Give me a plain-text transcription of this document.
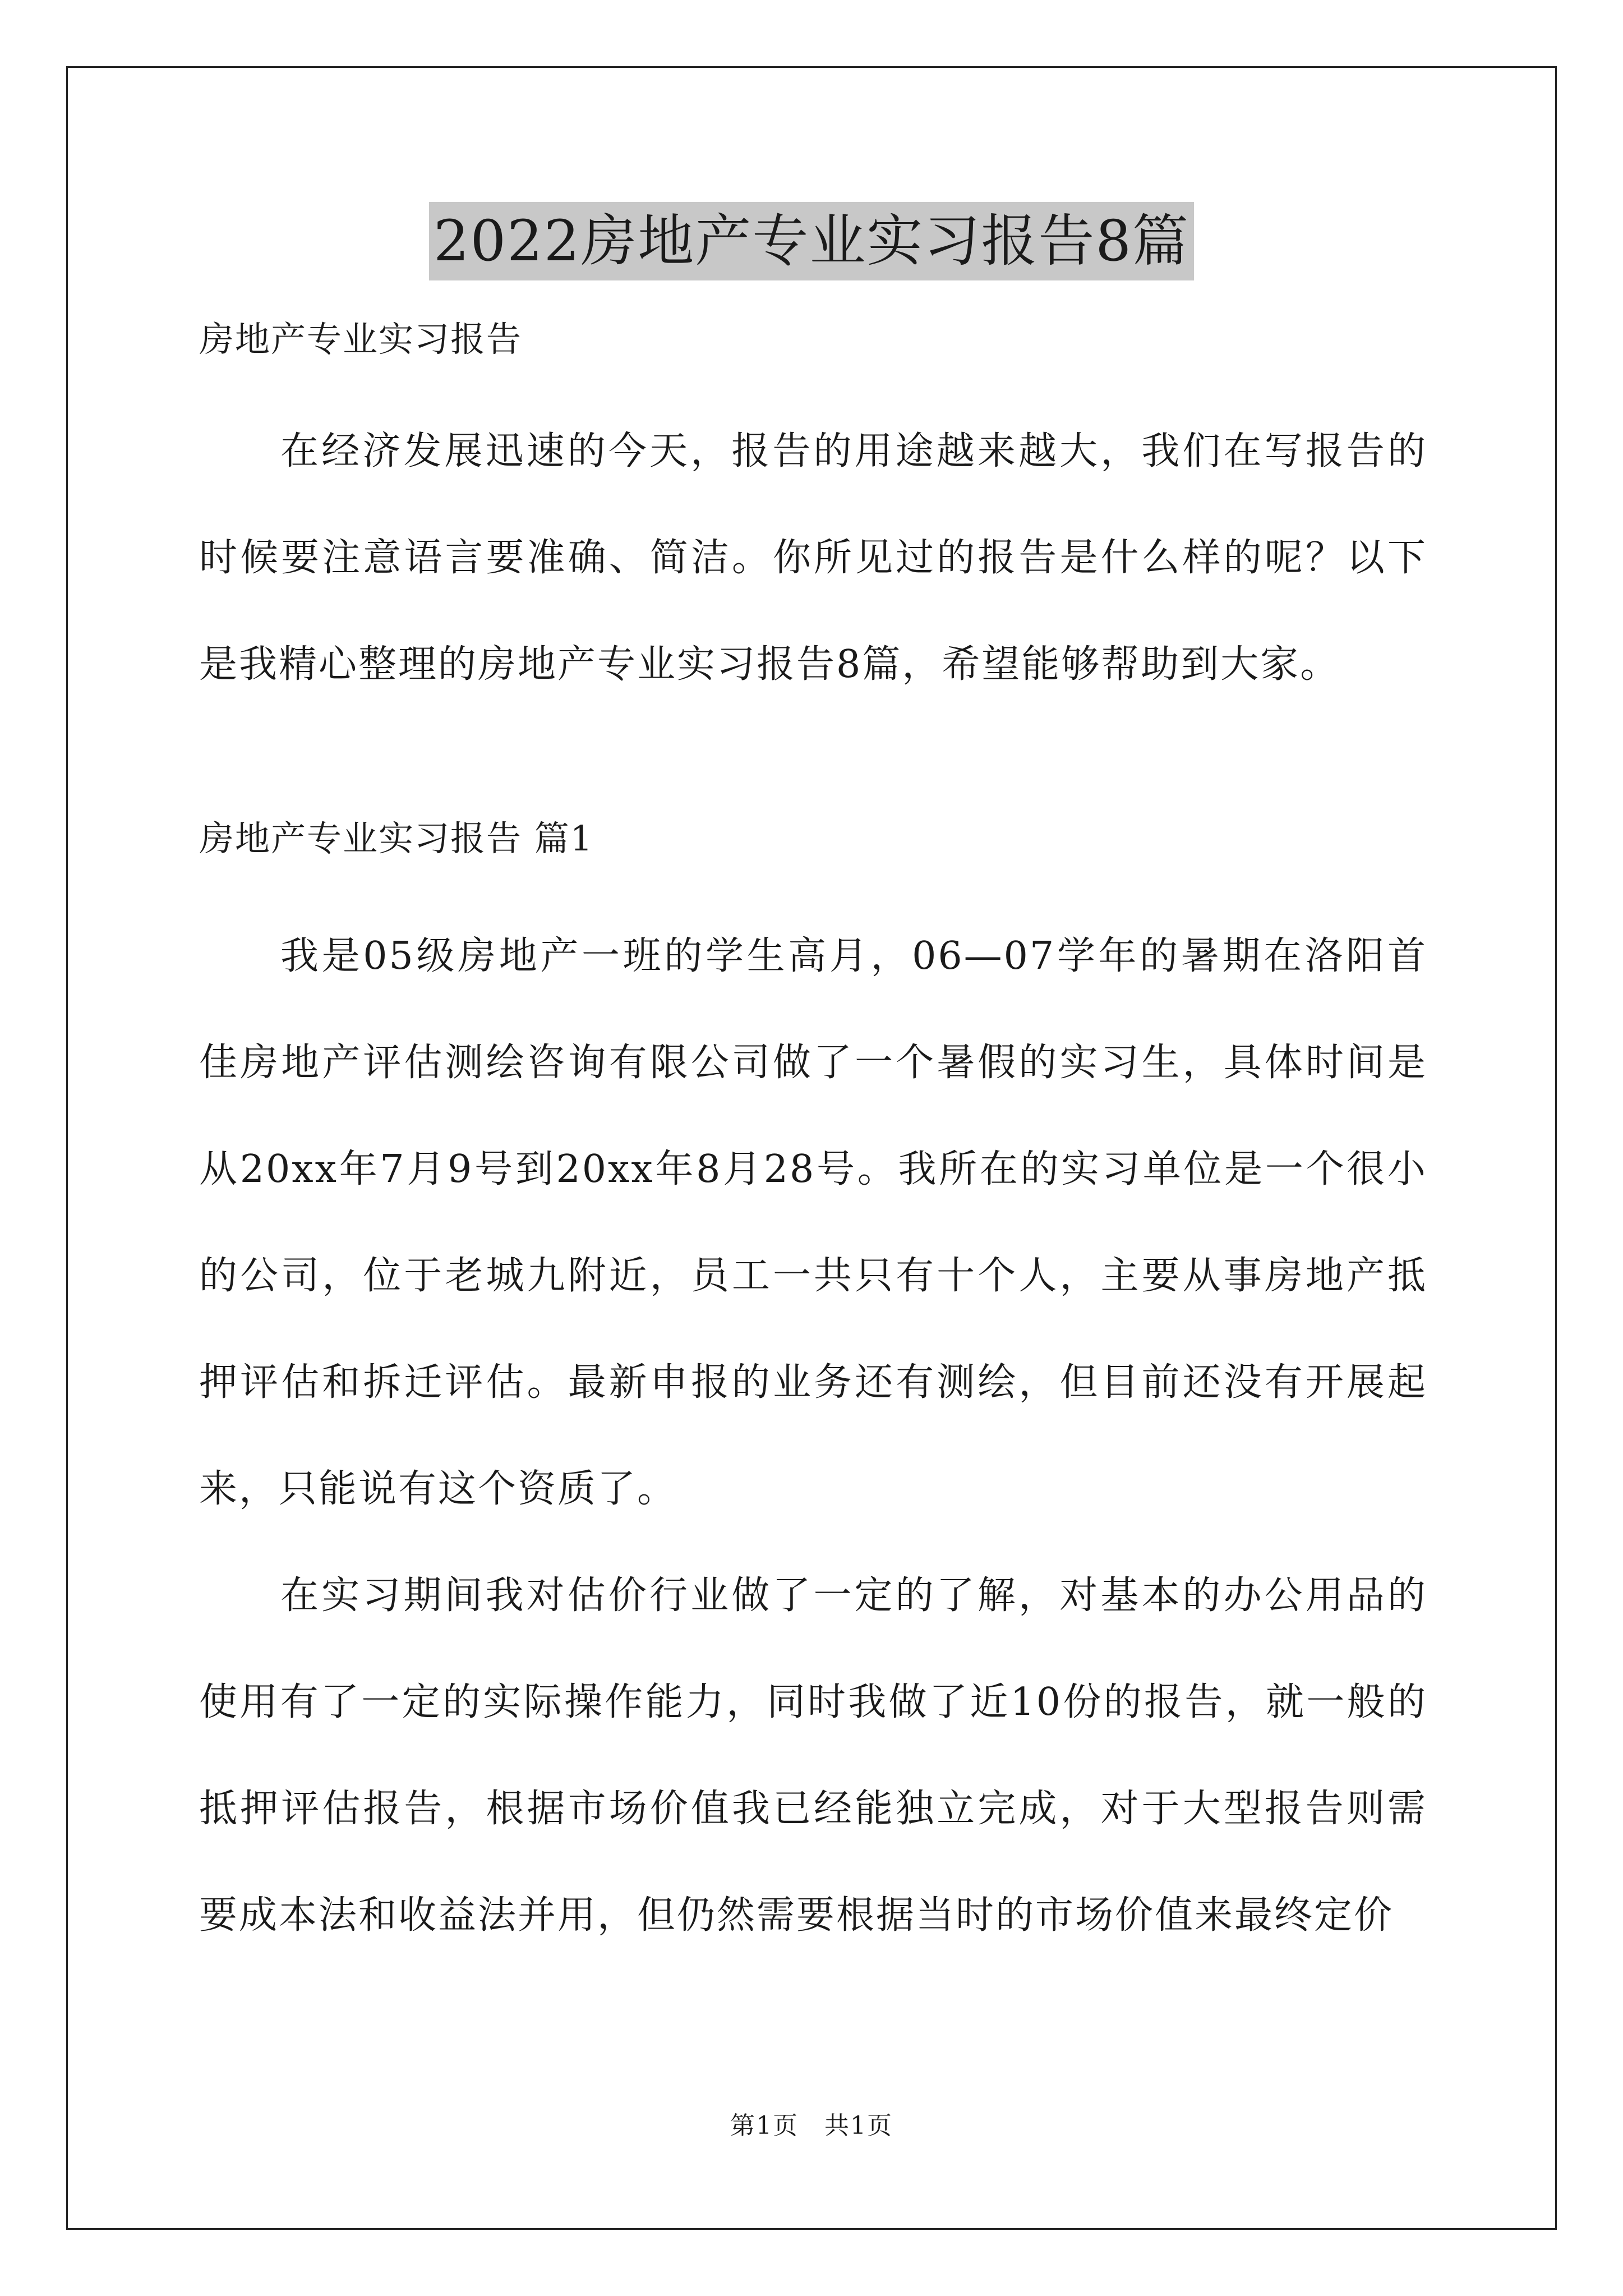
2022房地产专业实习报告8篇

房地产专业实习报告

在经济发展迅速的今天，报告的用途越来越大，我们在写报告的时候要注意语言要准确、简洁。你所见过的报告是什么样的呢？以下是我精心整理的房地产专业实习报告8篇，希望能够帮助到大家。

房地产专业实习报告 篇1

我是05级房地产一班的学生高月，06—07学年的暑期在洛阳首佳房地产评估测绘咨询有限公司做了一个暑假的实习生，具体时间是从20xx年7月9号到20xx年8月28号。我所在的实习单位是一个很小的公司，位于老城九附近，员工一共只有十个人，主要从事房地产抵押评估和拆迁评估。最新申报的业务还有测绘，但目前还没有开展起来，只能说有这个资质了。

在实习期间我对估价行业做了一定的了解，对基本的办公用品的使用有了一定的实际操作能力，同时我做了近10份的报告，就一般的抵押评估报告，根据市场价值我已经能独立完成，对于大型报告则需要成本法和收益法并用，但仍然需要根据当时的市场价值来最终定价

第1页　共1页
